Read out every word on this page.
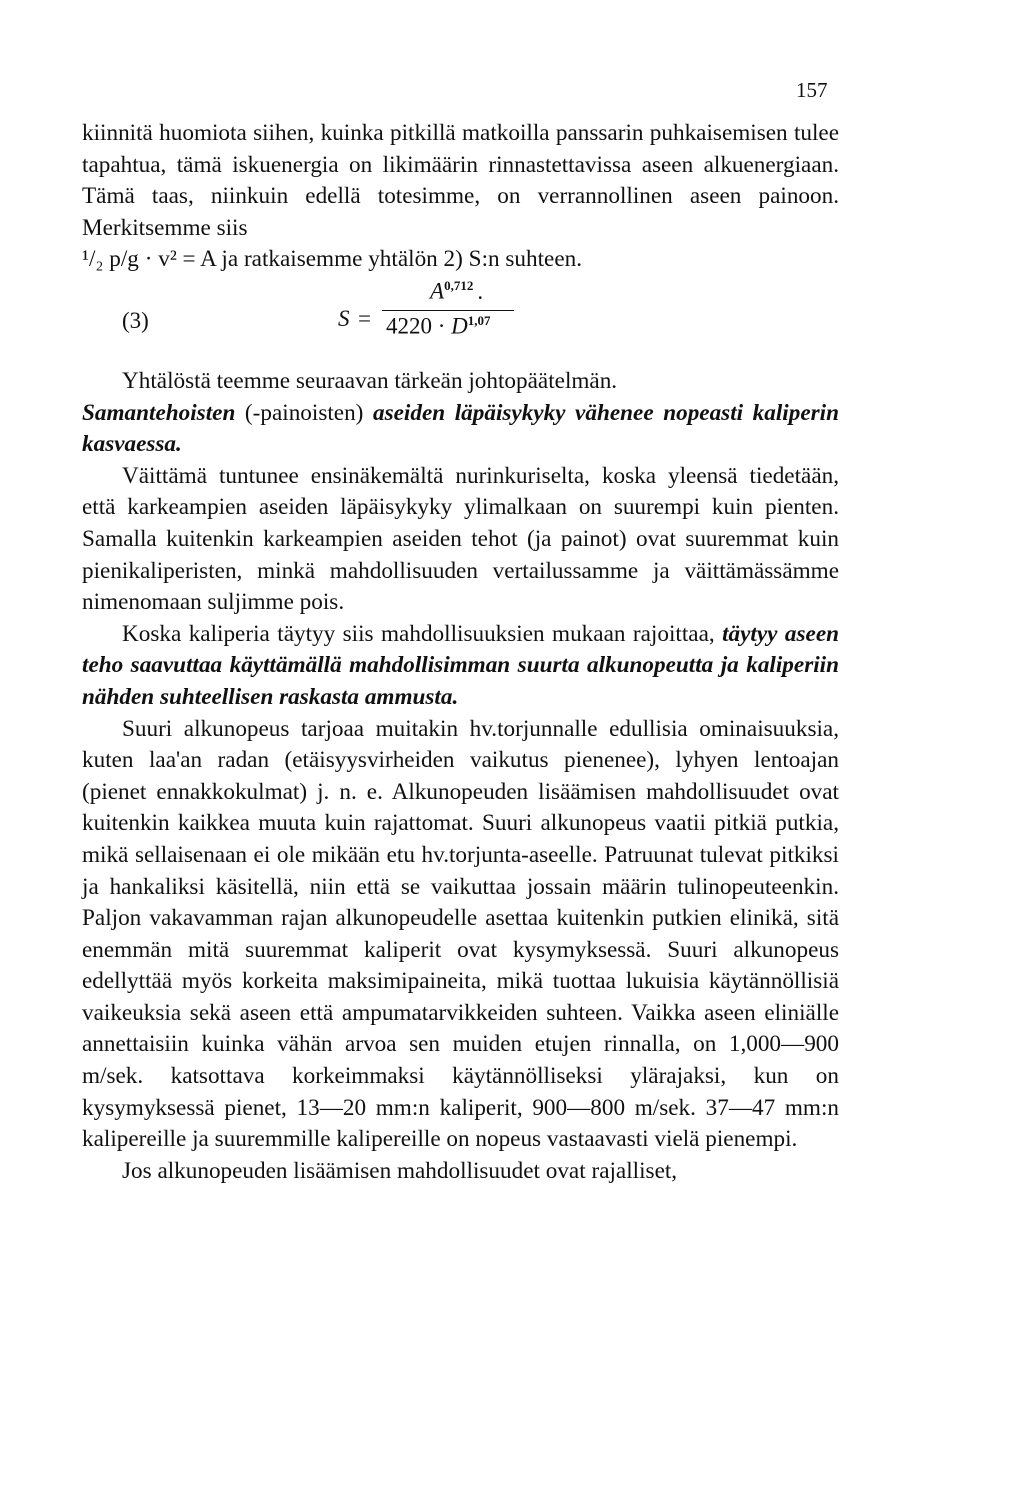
157

kiinnitä huomiota siihen, kuinka pitkillä matkoilla panssarin puhkaisemisen tulee tapahtua, tämä iskuenergia on likimäärin rinnastettavissa aseen alkuenergiaan. Tämä taas, niinkuin edellä totesimme, on verrannollinen aseen painoon. Merkitsemme siis

¹/₂ p/g · v² = A ja ratkaisemme yhtälön 2) S:n suhteen.

(3)	S =
A$^{0,712}$ .
4220 · D$^{1,07}$

Yhtälöstä teemme seuraavan tärkeän johtopäätelmän.

Samantehoisten (-painoisten) aseiden läpäisykyky vähenee nopeasti kaliperin kasvaessa.

Väittämä tuntunee ensinäkemältä nurinkuriselta, koska yleensä tiedetään, että karkeampien aseiden läpäisykyky ylimalkaan on suurempi kuin pienten. Samalla kuitenkin karkeampien aseiden tehot (ja painot) ovat suuremmat kuin pienikaliperisten, minkä mahdollisuuden vertailussamme ja väittämässämme nimenomaan suljimme pois.

Koska kaliperia täytyy siis mahdollisuuksien mukaan rajoittaa, täytyy aseen teho saavuttaa käyttämällä mahdollisimman suurta alkunopeutta ja kaliperiin nähden suhteellisen raskasta ammusta.

Suuri alkunopeus tarjoaa muitakin hv.torjunnalle edullisia ominaisuuksia, kuten laa'an radan (etäisyysvirheiden vaikutus pienenee), lyhyen lentoajan (pienet ennakkokulmat) j. n. e. Alkunopeuden lisäämisen mahdollisuudet ovat kuitenkin kaikkea muuta kuin rajattomat. Suuri alkunopeus vaatii pitkiä putkia, mikä sellaisenaan ei ole mikään etu hv.torjunta-aseelle. Patruunat tulevat pitkiksi ja hankaliksi käsitellä, niin että se vaikuttaa jossain määrin tulinopeuteenkin. Paljon vakavamman rajan alkunopeudelle asettaa kuitenkin putkien elinikä, sitä enemmän mitä suuremmat kaliperit ovat kysymyksessä. Suuri alkunopeus edellyttää myös korkeita maksimipaineita, mikä tuottaa lukuisia käytännöllisiä vaikeuksia sekä aseen että ampumatarvikkeiden suhteen. Vaikka aseen eliniälle annettaisiin kuinka vähän arvoa sen muiden etujen rinnalla, on 1,000—900 m/sek. katsottava korkeimmaksi käytännölliseksi ylärajaksi, kun on kysymyksessä pienet, 13—20 mm:n kaliperit, 900—800 m/sek. 37—47 mm:n kalipereille ja suuremmille kalipereille on nopeus vastaavasti vielä pienempi.

Jos alkunopeuden lisäämisen mahdollisuudet ovat rajalliset,
